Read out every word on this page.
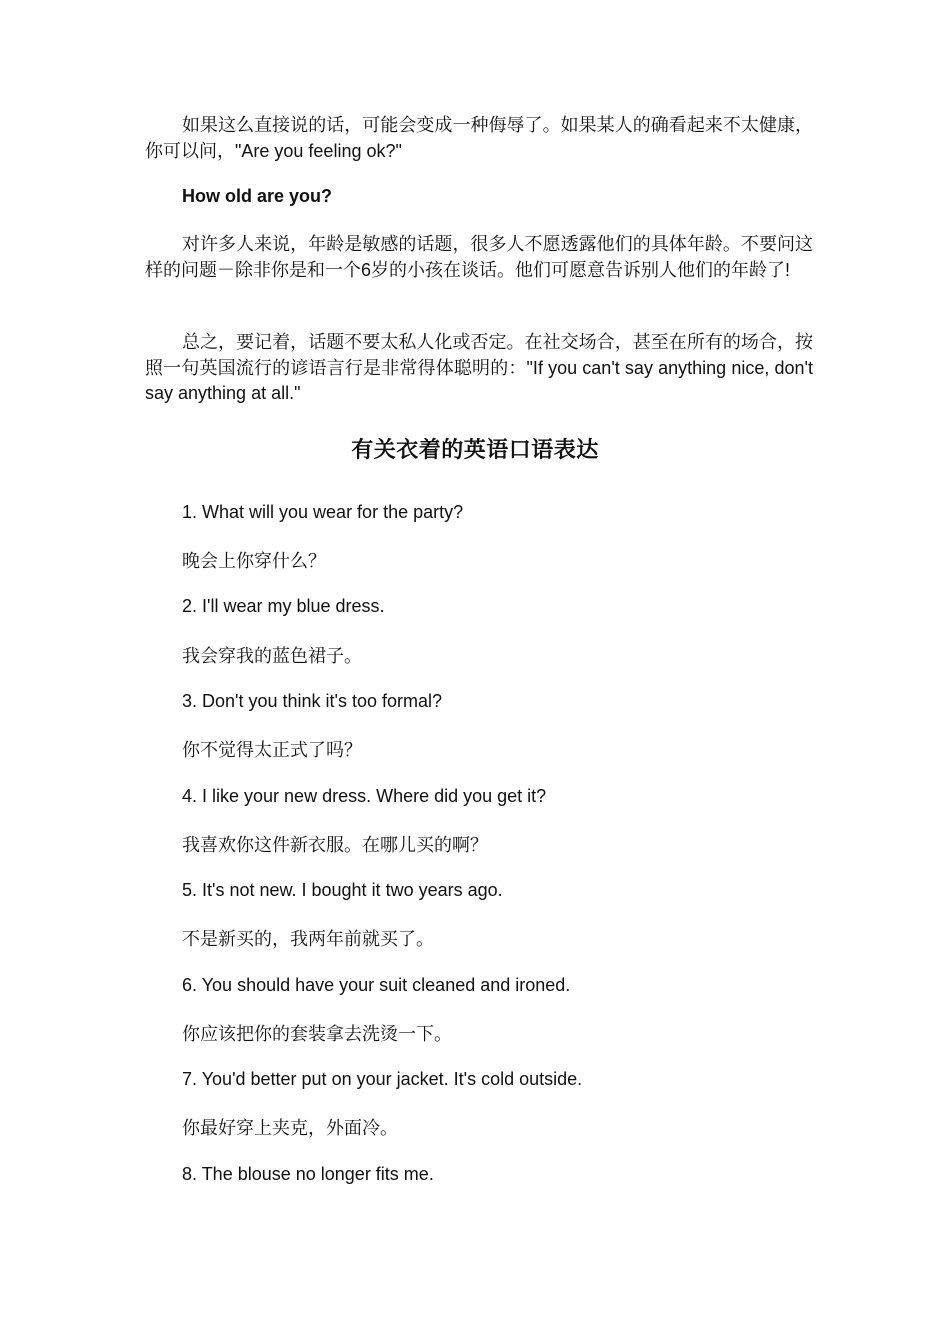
如果这么直接说的话，可能会变成一种侮辱了。如果某人的确看起来不太健康，你可以问，"Are you feeling ok?"

How old are you?

对许多人来说，年龄是敏感的话题，很多人不愿透露他们的具体年龄。不要问这样的问题－除非你是和一个6岁的小孩在谈话。他们可愿意告诉别人他们的年龄了!

总之，要记着，话题不要太私人化或否定。在社交场合，甚至在所有的场合，按照一句英国流行的谚语言行是非常得体聪明的："If you can't say anything nice, don't say anything at all."

有关衣着的英语口语表达

1. What will you wear for the party?

晚会上你穿什么？

2. I'll wear my blue dress.

我会穿我的蓝色裙子。

3. Don't you think it's too formal?

你不觉得太正式了吗？

4. I like your new dress. Where did you get it?

我喜欢你这件新衣服。在哪儿买的啊？

5. It's not new. I bought it two years ago.

不是新买的，我两年前就买了。

6. You should have your suit cleaned and ironed.

你应该把你的套装拿去洗烫一下。

7. You'd better put on your jacket. It's cold outside.

你最好穿上夹克，外面冷。

8. The blouse no longer fits me.
